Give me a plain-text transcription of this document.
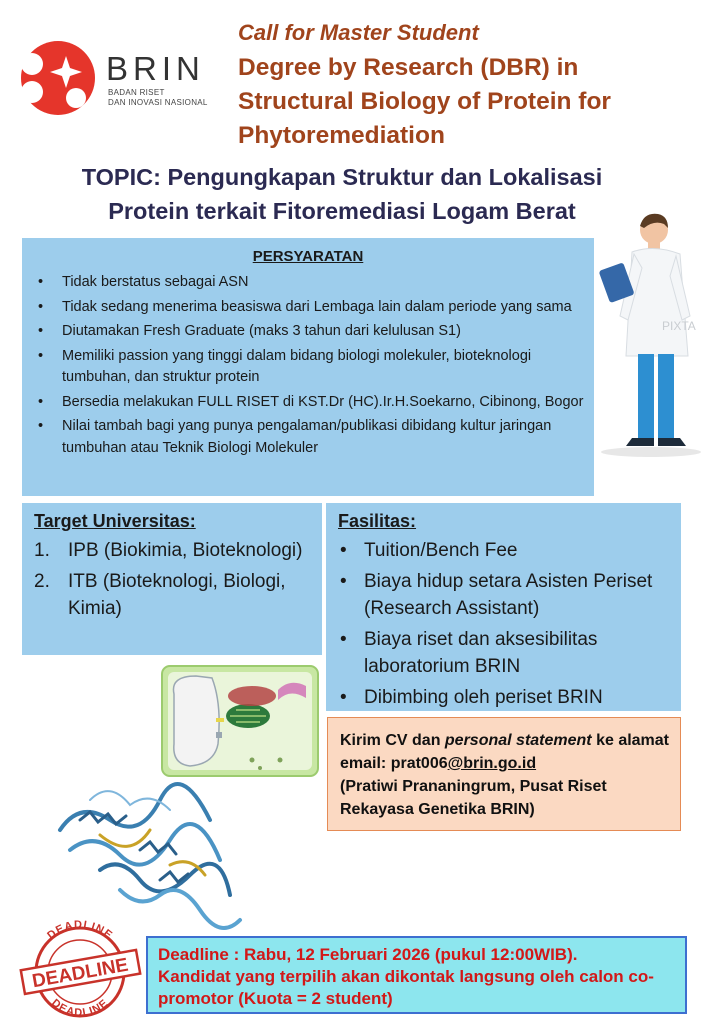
BRIN
BADAN RISET
DAN INOVASI NASIONAL
Call for Master Student
Degree by Research (DBR) in Structural Biology of Protein for Phytoremediation
TOPIC: Pengungkapan Struktur dan Lokalisasi
Protein terkait Fitoremediasi Logam Berat
PERSYARATAN
• Tidak berstatus sebagai ASN
• Tidak sedang menerima beasiswa dari Lembaga lain dalam periode yang sama
• Diutamakan Fresh Graduate (maks 3 tahun dari kelulusan S1)
• Memiliki passion yang tinggi dalam bidang biologi molekuler, bioteknologi tumbuhan, dan struktur protein
• Bersedia melakukan FULL RISET di KST.Dr (HC).Ir.H.Soekarno, Cibinong, Bogor
• Nilai tambah bagi yang punya pengalaman/publikasi dibidang kultur jaringan tumbuhan atau Teknik Biologi Molekuler
PIXTA
Target Universitas:
1. IPB (Biokimia, Bioteknologi)
2. ITB (Bioteknologi, Biologi, Kimia)
Fasilitas:
• Tuition/Bench Fee
• Biaya hidup setara Asisten Periset (Research Assistant)
• Biaya riset dan aksesibilitas laboratorium BRIN
• Dibimbing oleh periset BRIN
Kirim CV dan personal statement ke alamat email: prat006@brin.go.id
(Pratiwi Prananingrum, Pusat Riset Rekayasa Genetika BRIN)
DEADLINE
DEADLINE
DEADLINE
Deadline : Rabu, 12 Februari 2026 (pukul 12:00WIB).
Kandidat yang terpilih akan dikontak langsung oleh calon co-promotor (Kuota = 2 student)
